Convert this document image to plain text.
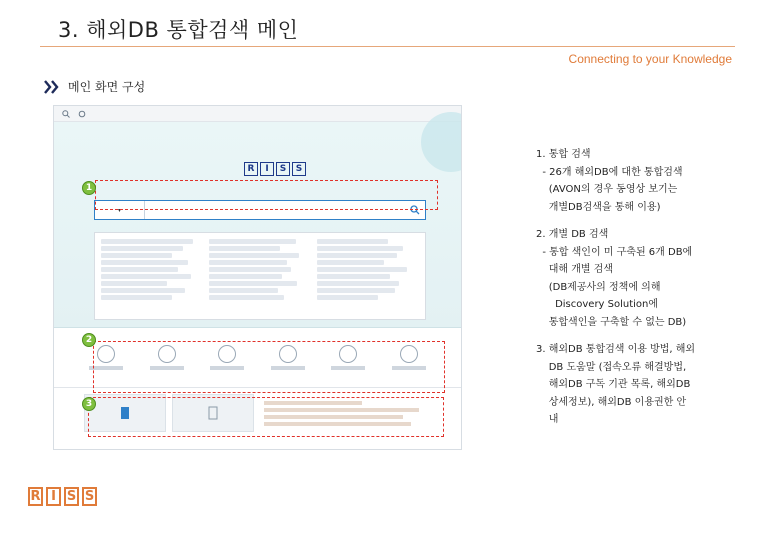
3. 해외DB 통합검색 메인
Connecting to your Knowledge
메인 화면 구성
R	I	S	S
▾
1
2
3

1. 통합 검색

- 26개 해외DB에 대한 통합검색

(AVON의 경우 동영상 보기는

개별DB검색을 통해 이용)

2. 개별 DB 검색

- 통합 색인이 미 구축된 6개 DB에

대해 개별 검색

(DB제공사의 정책에 의해

Discovery Solution에

통합색인을 구축할 수 없는 DB)

3. 해외DB 통합검색 이용 방법, 해외

DB 도움말 (접속오류 해결방법,

해외DB 구독 기관 목록, 해외DB

상세정보), 해외DB 이용권한 안

내

R I S S
